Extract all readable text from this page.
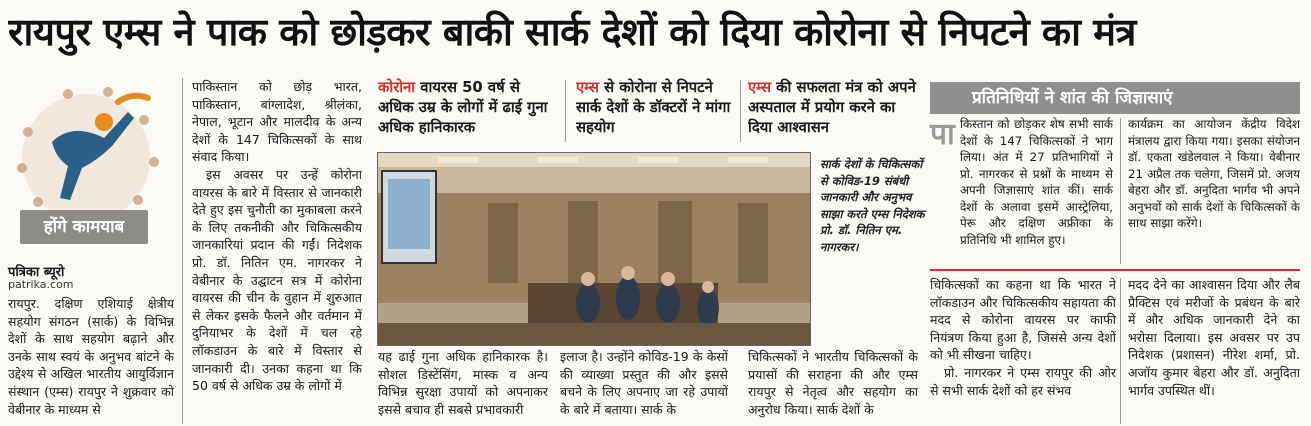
रायपुर एम्स ने पाक को छोड़कर बाकी सार्क देशों को दिया कोरोना से निपटने का मंत्र
होंगे कामयाब
पत्रिका ब्यूरो
patrika.com

रायपुर. दक्षिण एशियाई क्षेत्रीय सहयोग संगठन (सार्क) के विभिन्न देशों के साथ सहयोग बढ़ाने और उनके साथ स्वयं के अनुभव बांटने के उद्देश्य से अखिल भारतीय आयुर्विज्ञान संस्थान (एम्स) रायपुर ने शुक्रवार को वेबीनार के माध्यम से

पाकिस्तान को छोड़ भारत, पाकिस्तान, बांग्लादेश, श्रीलंका, नेपाल, भूटान और मालदीव के अन्य देशों के 147 चिकित्सकों के साथ संवाद किया।

इस अवसर पर उन्हें कोरोना वायरस के बारे में विस्तार से जानकारी देते हुए इस चुनौती का मुकाबला करने के लिए तकनीकी और चिकित्सकीय जानकारियां प्रदान की गईं। निदेशक प्रो. डॉ. नितिन एम. नागरकर ने वेबीनार के उद्घाटन सत्र में कोरोना वायरस की चीन के वुहान में शुरुआत से लेकर इसके फैलने और वर्तमान में दुनियाभर के देशों में चल रहे लॉकडाउन के बारे में विस्तार से जानकारी दी। उनका कहना था कि 50 वर्ष से अधिक उम्र के लोगों में

कोरोना वायरस 50 वर्ष से अधिक उम्र के लोगों में ढाई गुना अधिक हानिकारक
एम्स से कोरोना से निपटने सार्क देशों के डॉक्टरों ने मांगा सहयोग
एम्स की सफलता मंत्र को अपने अस्पताल में प्रयोग करने का दिया आश्वासन
सार्क देशों के चिकित्सकों से कोविड-19 संबंधी जानकारी और अनुभव साझा करते एम्स निदेशक प्रो. डॉ. नितिन एम. नागरकर।

यह ढाई गुना अधिक हानिकारक है। सोशल डिस्टेंसिंग, मास्क व अन्य विभिन्न सुरक्षा उपायों को अपनाकर इससे बचाव ही सबसे प्रभावकारी

इलाज है। उन्होंने कोविड-19 के केसों की व्याख्या प्रस्तुत की और इससे बचने के लिए अपनाए जा रहे उपायों के बारे में बताया। सार्क के

चिकित्सकों ने भारतीय चिकित्सकों के प्रयासों की सराहना की और एम्स रायपुर से नेतृत्व और सहयोग का अनुरोध किया। सार्क देशों के

प्रतिनिधियों ने शांत की जिज्ञासाएं
पा किस्तान को छोड़कर शेष सभी सार्क देशों के 147 चिकित्सकों ने भाग लिया। अंत में 27 प्रतिभागियों ने प्रो. नागरकर से प्रश्नों के माध्यम से अपनी जिज्ञासाएं शांत कीं। सार्क देशों के अलावा इसमें आस्ट्रेलिया, पेरू और दक्षिण अफ्रीका के प्रतिनिधि भी शामिल हुए।
कार्यक्रम का आयोजन केंद्रीय विदेश मंत्रालय द्वारा किया गया। इसका संयोजन डॉ. एकता खंडेलवाल ने किया। वेबीनार 21 अप्रैल तक चलेगा, जिसमें प्रो. अजय बेहरा और डॉ. अनुदिता भार्गव भी अपने अनुभवों को सार्क देशों के चिकित्सकों के साथ साझा करेंगे।

चिकित्सकों का कहना था कि भारत ने लॉकडाउन और चिकित्सकीय सहायता की मदद से कोरोना वायरस पर काफी नियंत्रण किया हुआ है, जिससे अन्य देशों को भी सीखना चाहिए।

प्रो. नागरकर ने एम्स रायपुर की ओर से सभी सार्क देशों को हर संभव

मदद देने का आश्वासन दिया और लैब प्रैक्टिस एवं मरीजों के प्रबंधन के बारे में और अधिक जानकारी देने का भरोसा दिलाया। इस अवसर पर उप निदेशक (प्रशासन) नीरेश शर्मा, प्रो. अजॉय कुमार बेहरा और डॉ. अनुदिता भार्गव उपस्थित थीं।
